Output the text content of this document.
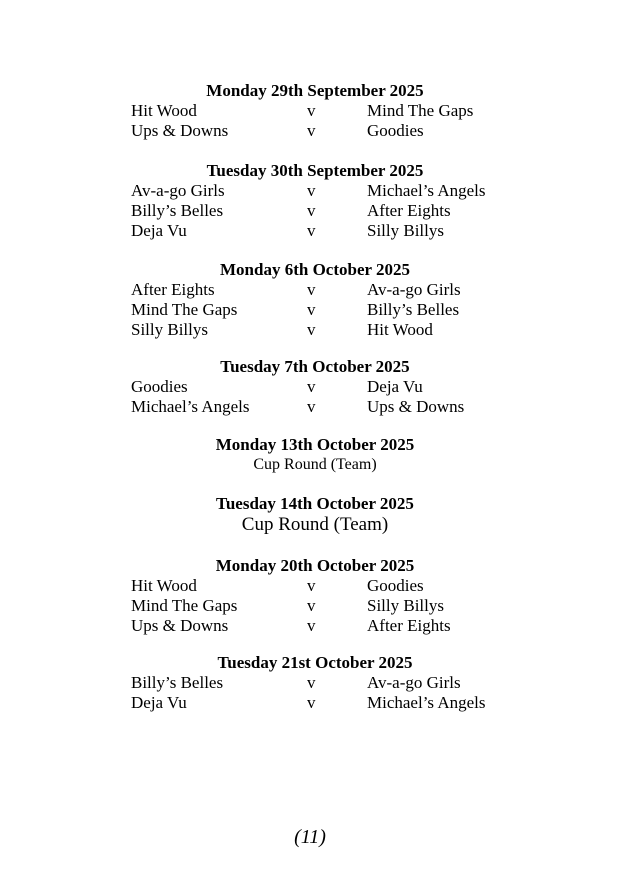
Monday 29th September 2025
Hit Wood	v	Mind The Gaps
Ups & Downs	v	Goodies
Tuesday 30th September 2025
Av-a-go Girls	v	Michael’s Angels
Billy’s Belles	v	After Eights
Deja Vu	v	Silly Billys
Monday 6th October 2025
After Eights	v	Av-a-go Girls
Mind The Gaps	v	Billy’s Belles
Silly Billys	v	Hit Wood
Tuesday 7th October 2025
Goodies	v	Deja Vu
Michael’s Angels	v	Ups & Downs
Monday 13th October 2025
Cup Round (Team)
Tuesday 14th October 2025
Cup Round (Team)
Monday 20th October 2025
Hit Wood	v	Goodies
Mind The Gaps	v	Silly Billys
Ups & Downs	v	After Eights
Tuesday 21st October 2025
Billy’s Belles	v	Av-a-go Girls
Deja Vu	v	Michael’s Angels
(11)
